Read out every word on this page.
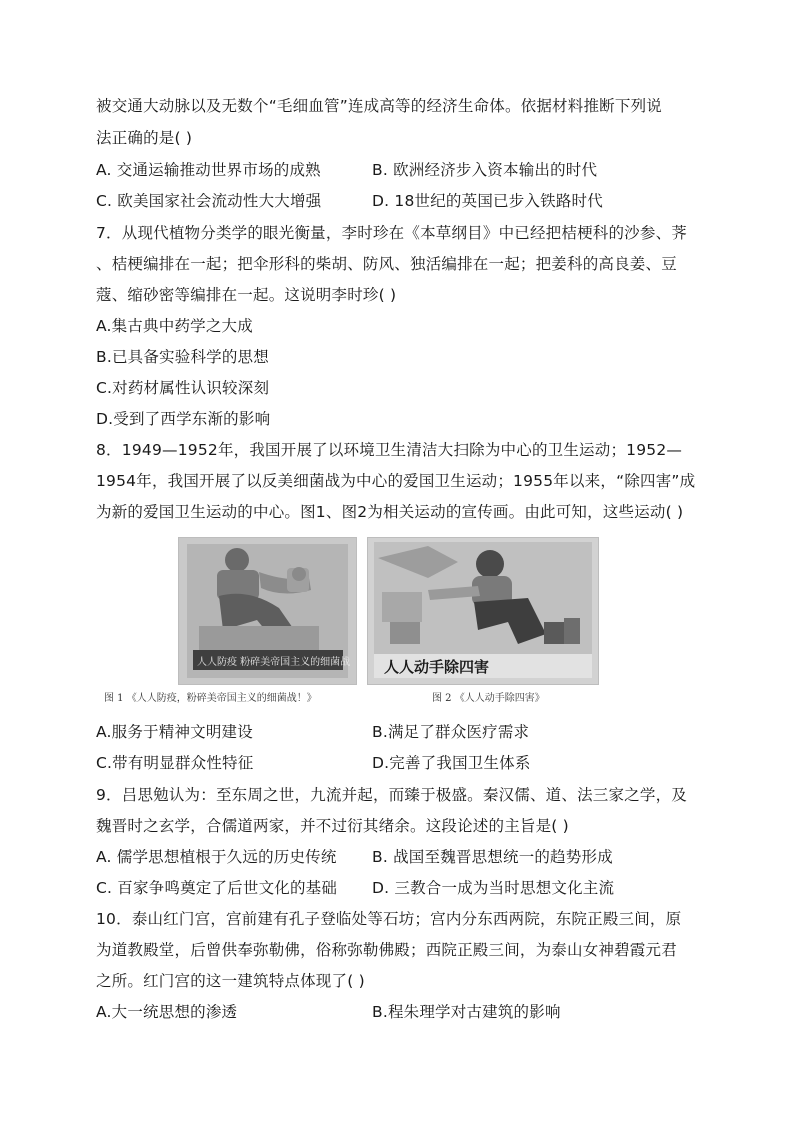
被交通大动脉以及无数个“毛细血管”连成高等的经济生命体。依据材料推断下列说
法正确的是( )
A. 交通运输推动世界市场的成熟	B. 欧洲经济步入资本输出的时代
C. 欧美国家社会流动性大大增强	D. 18世纪的英国已步入铁路时代
7．从现代植物分类学的眼光衡量，李时珍在《本草纲目》中已经把桔梗科的沙参、荠
、桔梗编排在一起；把伞形科的柴胡、防风、独活编排在一起；把姜科的高良姜、豆
蔻、缩砂密等编排在一起。这说明李时珍( )
A.集古典中药学之大成
B.已具备实验科学的思想
C.对药材属性认识较深刻
D.受到了西学东渐的影响
8．1949—1952年，我国开展了以环境卫生清洁大扫除为中心的卫生运动；1952—
1954年，我国开展了以反美细菌战为中心的爱国卫生运动；1955年以来，“除四害”成
为新的爱国卫生运动的中心。图1、图2为相关运动的宣传画。由此可知，这些运动( )
人人防疫 粉碎美帝国主义的细菌战 人人动手除四害
图 1 《人人防疫，粉碎美帝国主义的细菌战！》	图 2 《人人动手除四害》
A.服务于精神文明建设	B.满足了群众医疗需求
C.带有明显群众性特征	D.完善了我国卫生体系
9．吕思勉认为：至东周之世，九流并起，而臻于极盛。秦汉儒、道、法三家之学，及
魏晋时之玄学，合儒道两家，并不过衍其绪余。这段论述的主旨是( )
A. 儒学思想植根于久远的历史传统 B. 战国至魏晋思想统一的趋势形成
C. 百家争鸣奠定了后世文化的基础 D. 三教合一成为当时思想文化主流
10．泰山红门宫，宫前建有孔子登临处等石坊；宫内分东西两院，东院正殿三间，原
为道教殿堂，后曾供奉弥勒佛，俗称弥勒佛殿；西院正殿三间，为泰山女神碧霞元君
之所。红门宫的这一建筑特点体现了( )
A.大一统思想的渗透	B.程朱理学对古建筑的影响
